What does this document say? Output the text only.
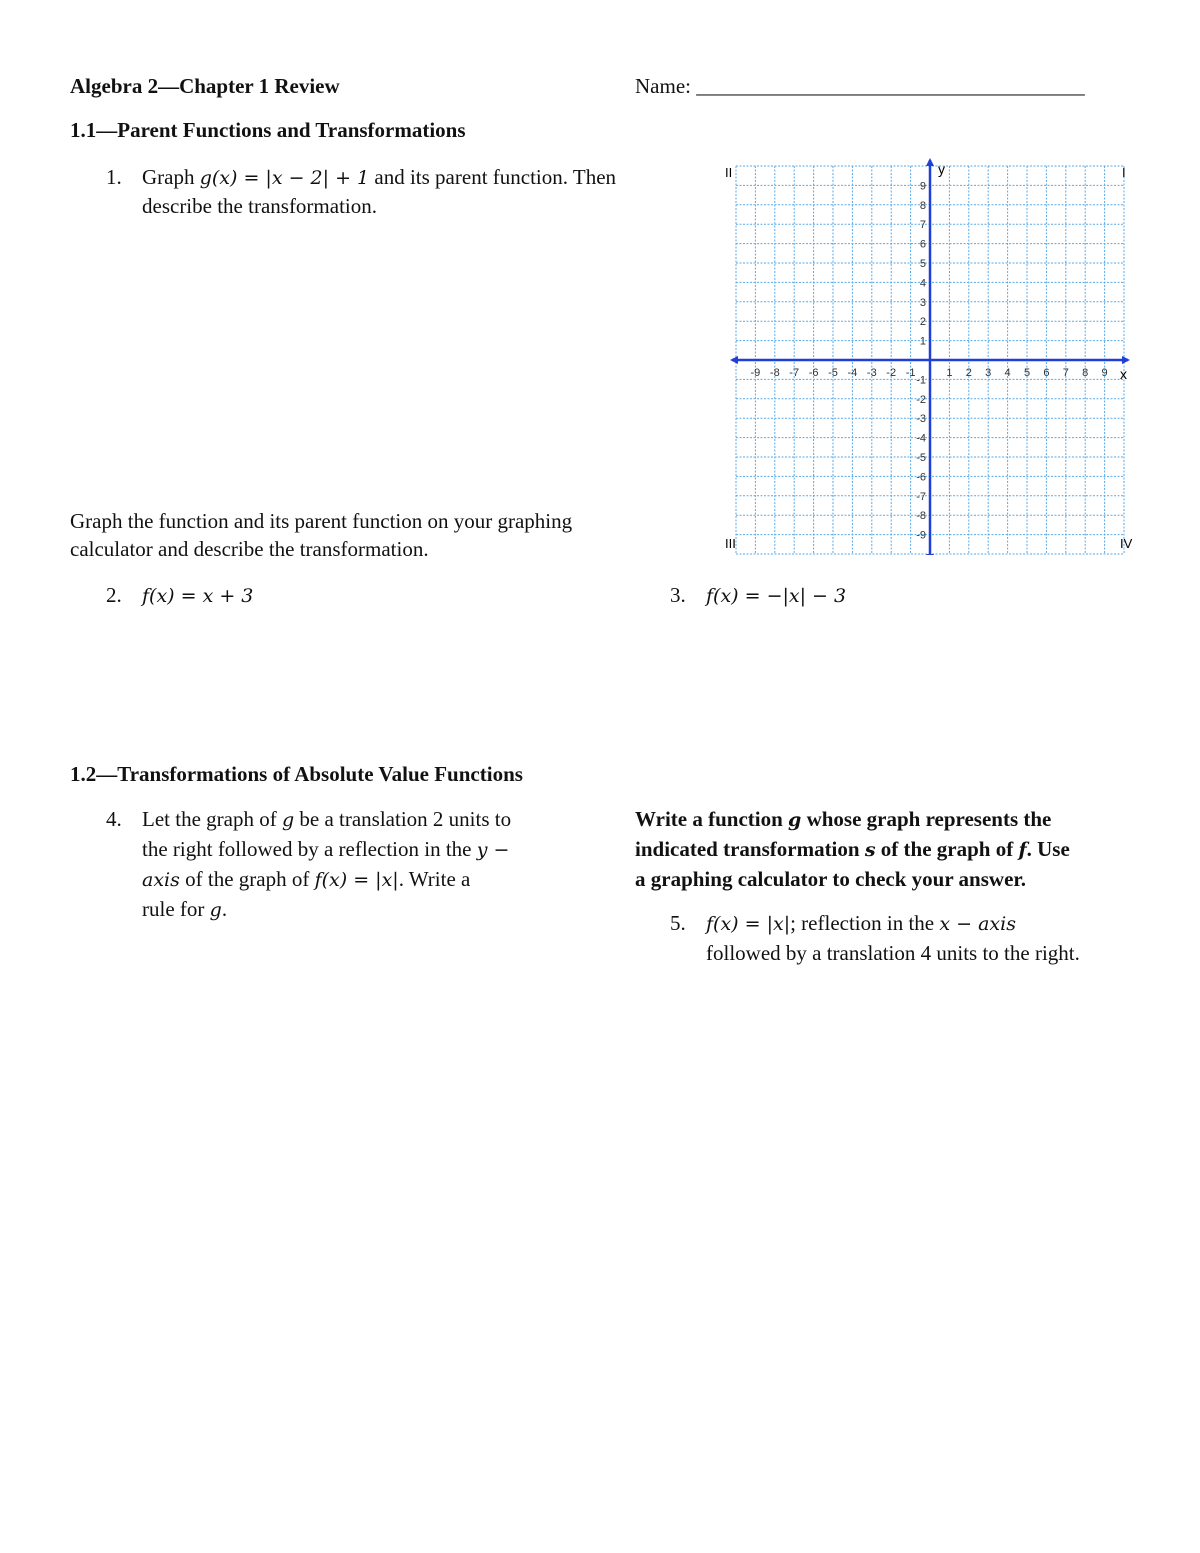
Algebra 2—Chapter 1 Review	Name: _____________________________________
1.1—Parent Functions and Transformations
1. Graph g(x) = |x − 2| + 1 and its parent function. Then
describe the transformation.
Graph the function and its parent function on your graphing
calculator and describe the transformation.
2. f(x) = x + 3	3. f(x) = −|x| − 3
-9 -8 -7 -6 -5 -4 -3 -2 -1	1 2 3 4 5 6 7 8 9
9
8
7
6
5
4
3
2
1
-1
-2
-3
-4
-5
-6
-7
-8
-9
II	I
III	IV
y
x
1.2—Transformations of Absolute Value Functions
4. Let the graph of g be a translation 2 units to
the right followed by a reflection in the y −
axis of the graph of f(x) = |x|. Write a
rule for g.
Write a function g whose graph represents the
indicated transformation s of the graph of f. Use
a graphing calculator to check your answer.
5. f(x) = |x|; reflection in the x − axis
followed by a translation 4 units to the right.
